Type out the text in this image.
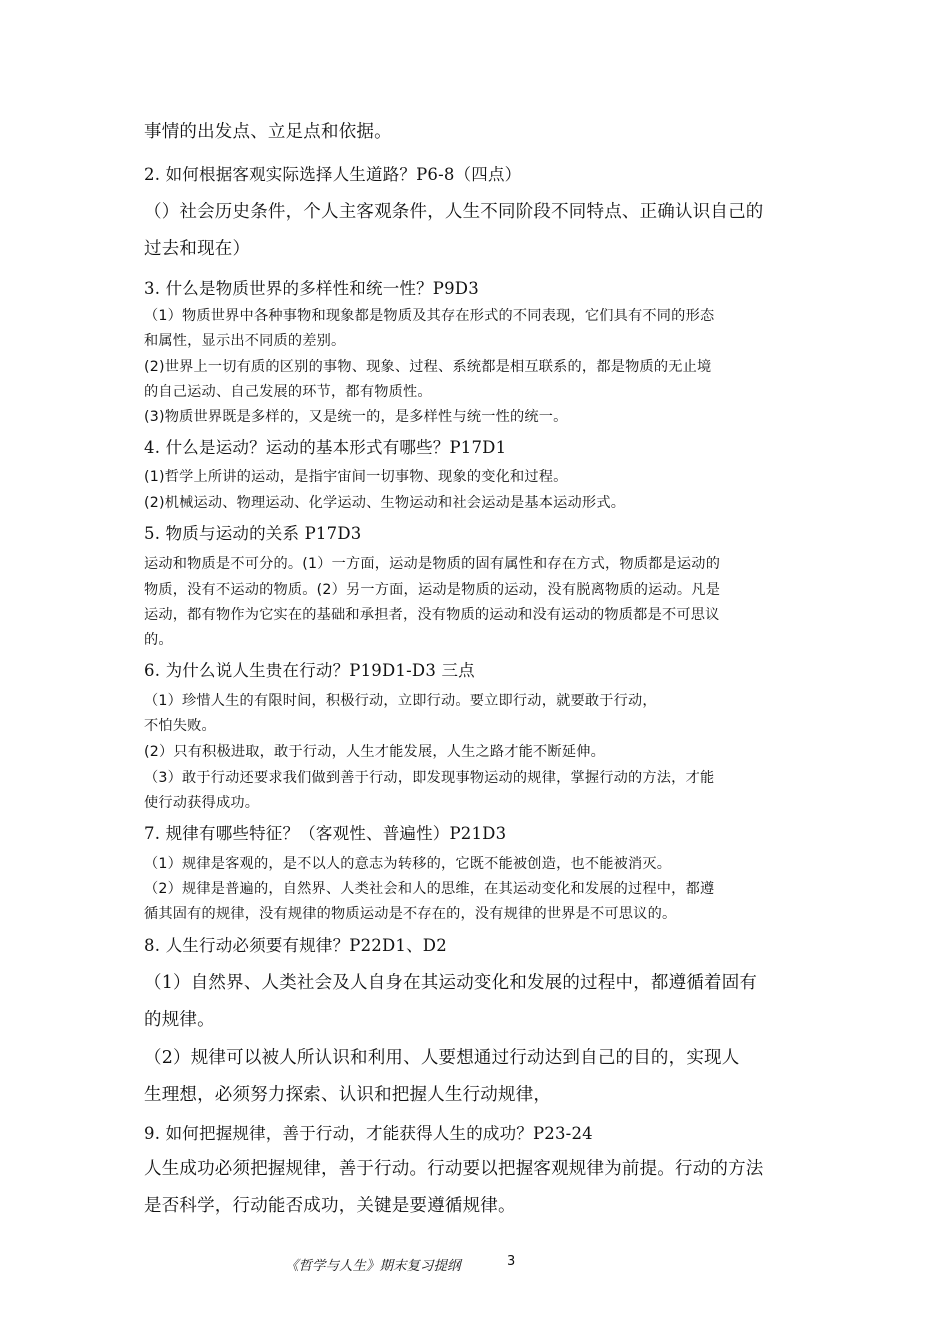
事情的出发点、立足点和依据。
2. 如何根据客观实际选择人生道路？P6-8（四点）
（）社会历史条件，个人主客观条件，人生不同阶段不同特点、正确认识自己的
过去和现在）
3. 什么是物质世界的多样性和统一性？P9D3
（1）物质世界中各种事物和现象都是物质及其存在形式的不同表现，它们具有不同的形态
和属性，显示出不同质的差别。
(2)世界上一切有质的区别的事物、现象、过程、系统都是相互联系的，都是物质的无止境
的自己运动、自己发展的环节，都有物质性。
(3)物质世界既是多样的，又是统一的，是多样性与统一性的统一。
4. 什么是运动？运动的基本形式有哪些？P17D1
(1)哲学上所讲的运动，是指宇宙间一切事物、现象的变化和过程。
(2)机械运动、物理运动、化学运动、生物运动和社会运动是基本运动形式。
5. 物质与运动的关系 P17D3
运动和物质是不可分的。(1）一方面，运动是物质的固有属性和存在方式，物质都是运动的
物质，没有不运动的物质。(2）另一方面，运动是物质的运动，没有脱离物质的运动。凡是
运动，都有物作为它实在的基础和承担者，没有物质的运动和没有运动的物质都是不可思议
的。
6. 为什么说人生贵在行动？P19D1-D3 三点
（1）珍惜人生的有限时间，积极行动，立即行动。要立即行动，就要敢于行动，
不怕失败。
(2）只有积极进取，敢于行动，人生才能发展，人生之路才能不断延伸。
（3）敢于行动还要求我们做到善于行动，即发现事物运动的规律，掌握行动的方法，才能
使行动获得成功。
7. 规律有哪些特征？（客观性、普遍性）P21D3
（1）规律是客观的，是不以人的意志为转移的，它既不能被创造，也不能被消灭。
（2）规律是普遍的，自然界、人类社会和人的思维，在其运动变化和发展的过程中，都遵
循其固有的规律，没有规律的物质运动是不存在的，没有规律的世界是不可思议的。
8. 人生行动必须要有规律？P22D1、D2
（1）自然界、人类社会及人自身在其运动变化和发展的过程中，都遵循着固有
的规律。
（2）规律可以被人所认识和利用、人要想通过行动达到自己的目的，实现人
生理想，必须努力探索、认识和把握人生行动规律，
9. 如何把握规律，善于行动，才能获得人生的成功？P23-24
人生成功必须把握规律，善于行动。行动要以把握客观规律为前提。行动的方法
是否科学，行动能否成功，关键是要遵循规律。
《哲学与人生》期末复习提纲	3
